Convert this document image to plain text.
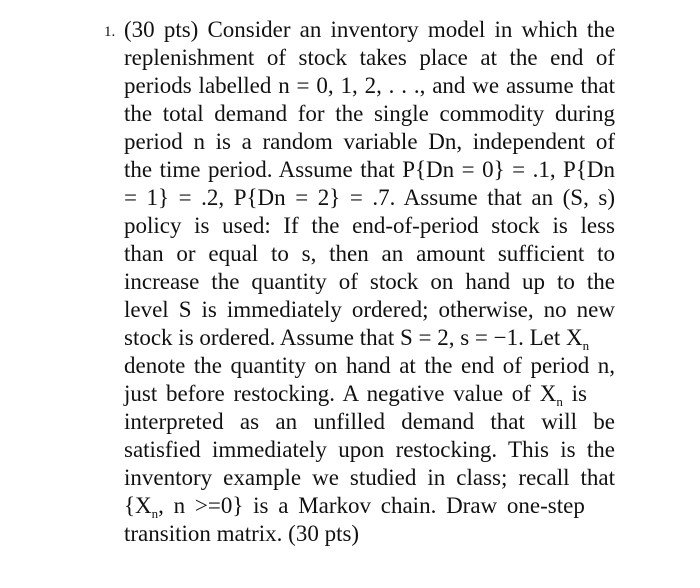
1. (30 pts) Consider an inventory model in which the
replenishment of stock takes place at the end of
periods labelled n = 0, 1, 2, . . ., and we assume that
the total demand for the single commodity during
period n is a random variable Dn, independent of
the time period. Assume that P{Dn = 0} = .1, P{Dn
= 1} = .2, P{Dn = 2} = .7. Assume that an (S, s)
policy is used: If the end-of-period stock is less
than or equal to s, then an amount sufficient to
increase the quantity of stock on hand up to the
level S is immediately ordered; otherwise, no new
stock is ordered. Assume that S = 2, s = −1. Let $X_n$
denote the quantity on hand at the end of period n,
just before restocking. A negative value of $X_n$ is
interpreted as an unfilled demand that will be
satisfied immediately upon restocking. This is the
inventory example we studied in class; recall that
{$X_n$, n >=0} is a Markov chain. Draw one-step
transition matrix. (30 pts)
